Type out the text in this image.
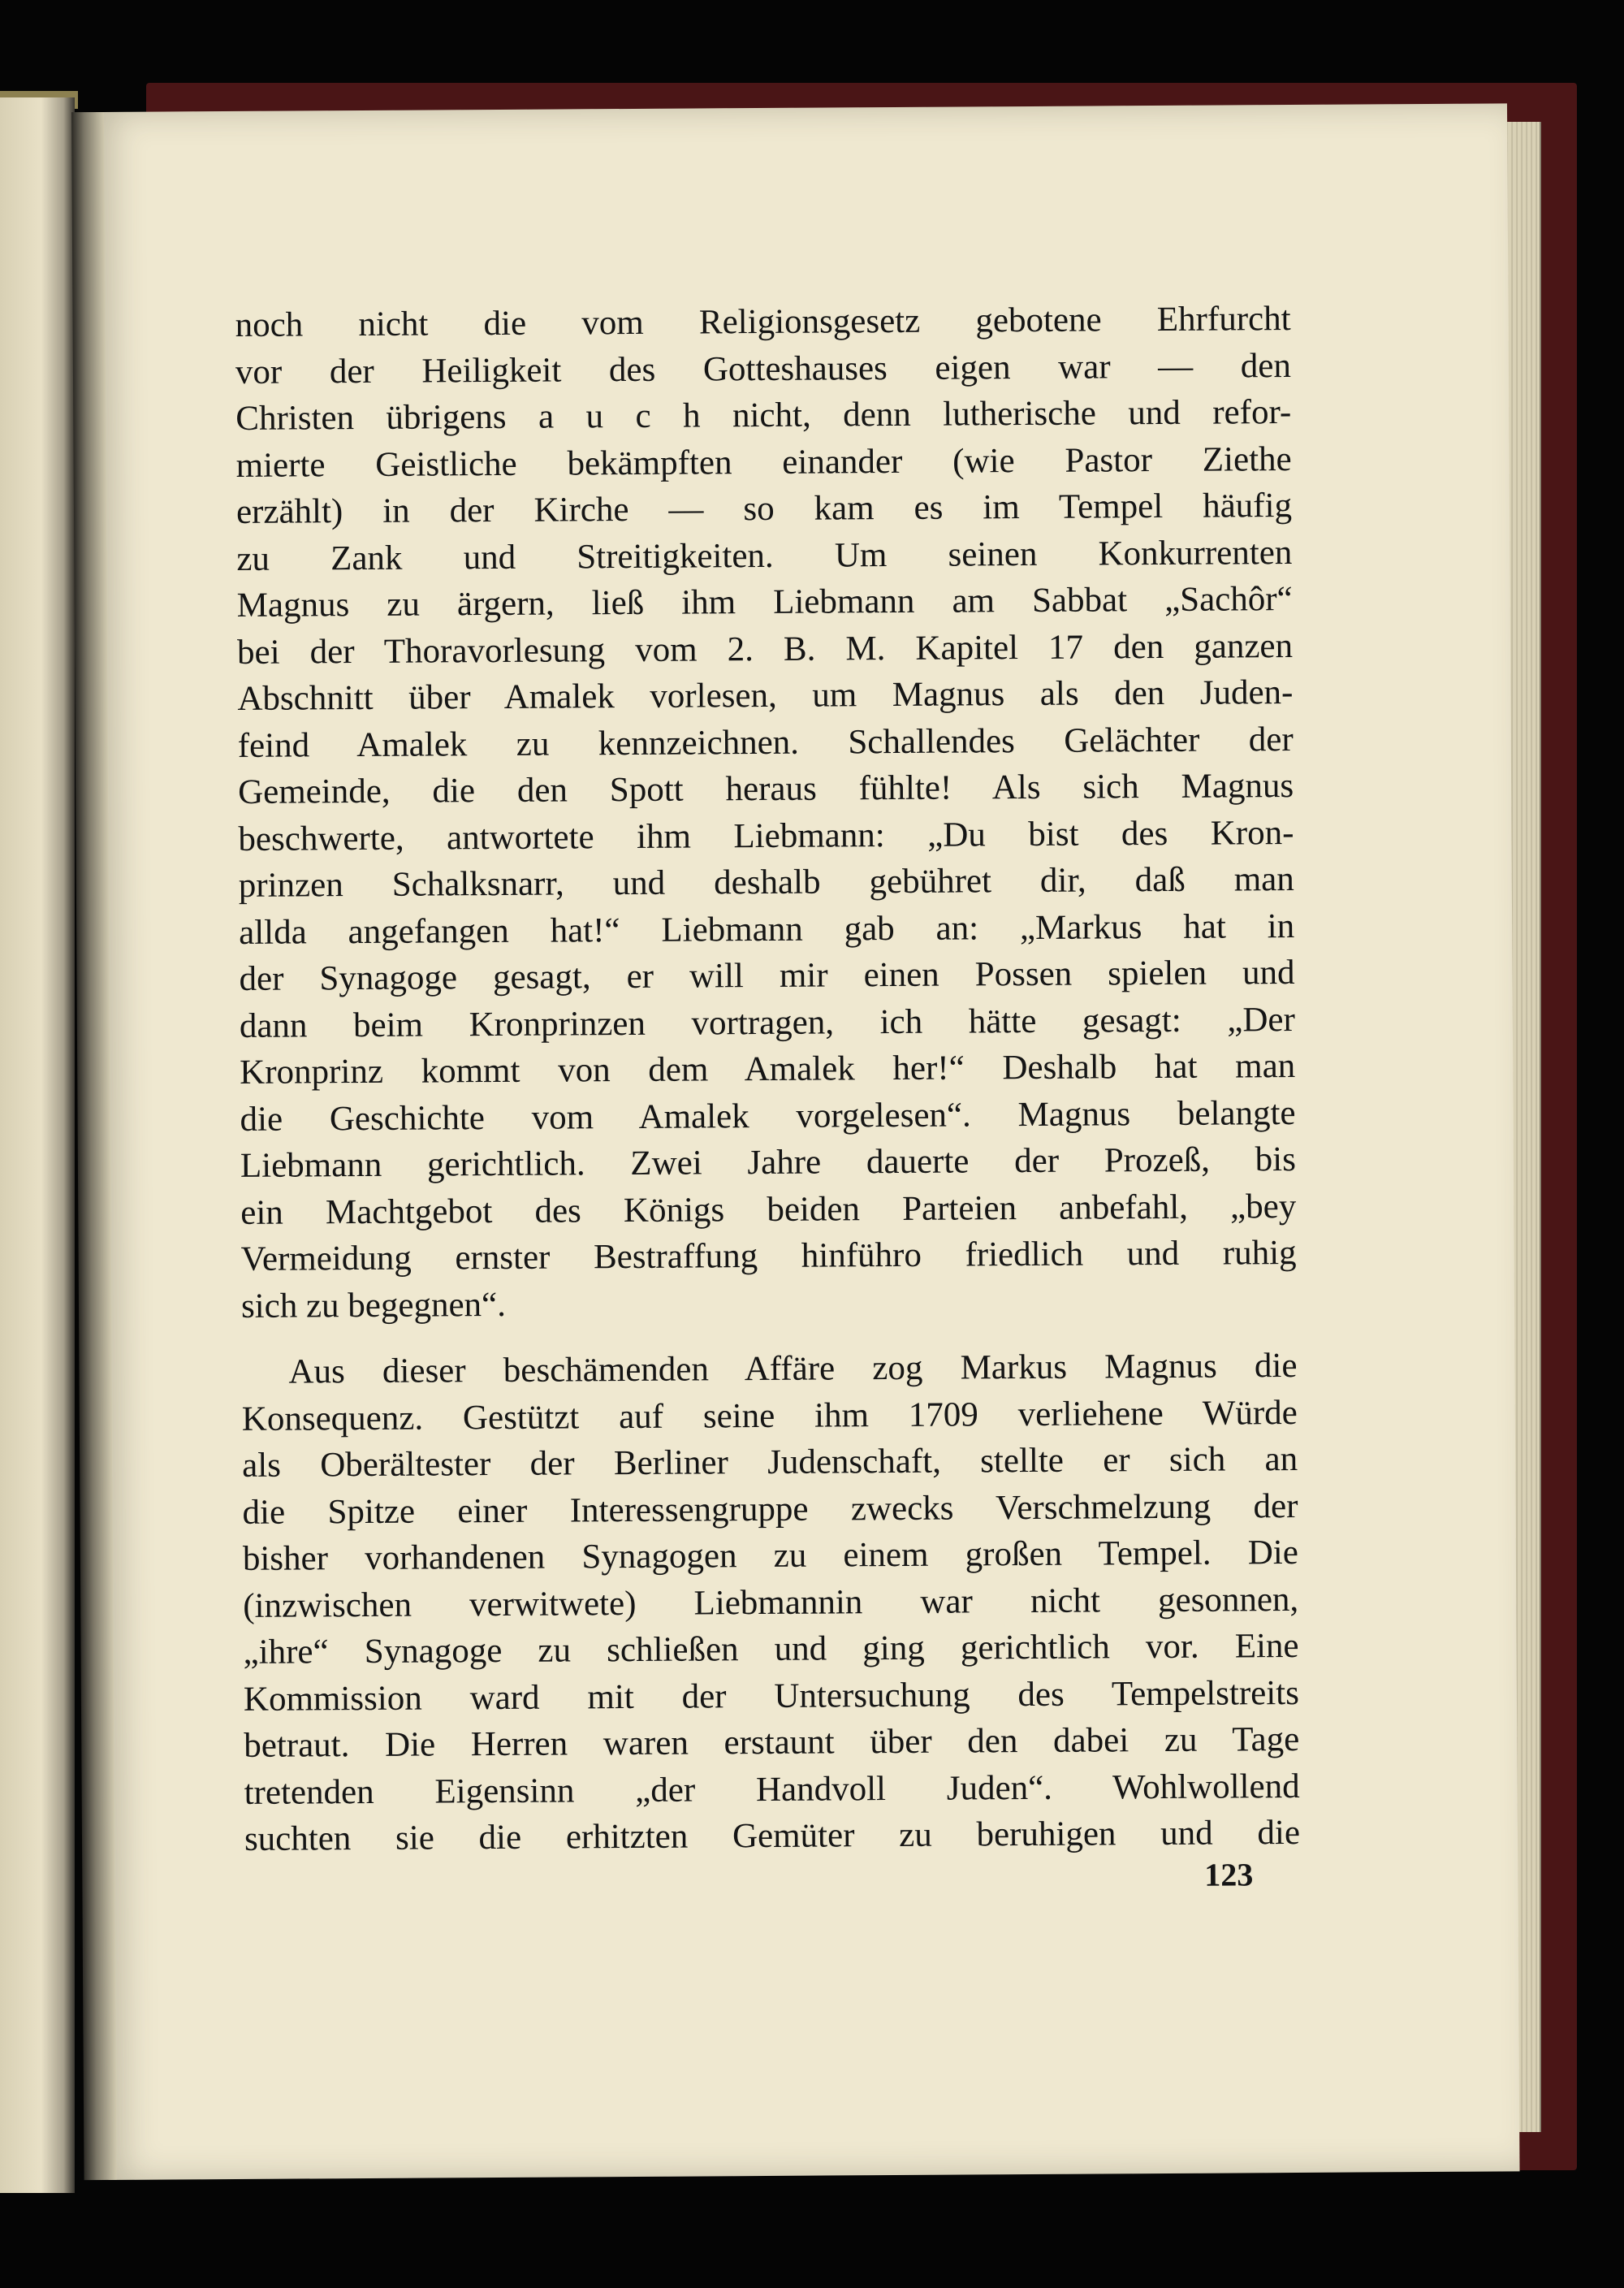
noch nicht die vom Religionsgesetz gebotene Ehrfurcht
vor der Heiligkeit des Gotteshauses eigen war — den
Christen übrigens a u c h nicht, denn lutherische und refor-
mierte Geistliche bekämpften einander (wie Pastor Ziethe
erzählt) in der Kirche — so kam es im Tempel häufig
zu Zank und Streitigkeiten. Um seinen Konkurrenten
Magnus zu ärgern, ließ ihm Liebmann am Sabbat „Sachôr“
bei der Thoravorlesung vom 2. B. M. Kapitel 17 den ganzen
Abschnitt über Amalek vorlesen, um Magnus als den Juden-
feind Amalek zu kennzeichnen. Schallendes Gelächter der
Gemeinde, die den Spott heraus fühlte! Als sich Magnus
beschwerte, antwortete ihm Liebmann: „Du bist des Kron-
prinzen Schalksnarr, und deshalb gebühret dir, daß man
allda angefangen hat!“ Liebmann gab an: „Markus hat in
der Synagoge gesagt, er will mir einen Possen spielen und
dann beim Kronprinzen vortragen, ich hätte gesagt: „Der
Kronprinz kommt von dem Amalek her!“ Deshalb hat man
die Geschichte vom Amalek vorgelesen“. Magnus belangte
Liebmann gerichtlich. Zwei Jahre dauerte der Prozeß, bis
ein Machtgebot des Königs beiden Parteien anbefahl, „bey
Vermeidung ernster Bestraffung hinführo friedlich und ruhig
sich zu begegnen“.
Aus dieser beschämenden Affäre zog Markus Magnus die
Konsequenz. Gestützt auf seine ihm 1709 verliehene Würde
als Oberältester der Berliner Judenschaft, stellte er sich an
die Spitze einer Interessengruppe zwecks Verschmelzung der
bisher vorhandenen Synagogen zu einem großen Tempel. Die
(inzwischen verwitwete) Liebmannin war nicht gesonnen,
„ihre“ Synagoge zu schließen und ging gerichtlich vor. Eine
Kommission ward mit der Untersuchung des Tempelstreits
betraut. Die Herren waren erstaunt über den dabei zu Tage
tretenden Eigensinn „der Handvoll Juden“. Wohlwollend
suchten sie die erhitzten Gemüter zu beruhigen und die
123
